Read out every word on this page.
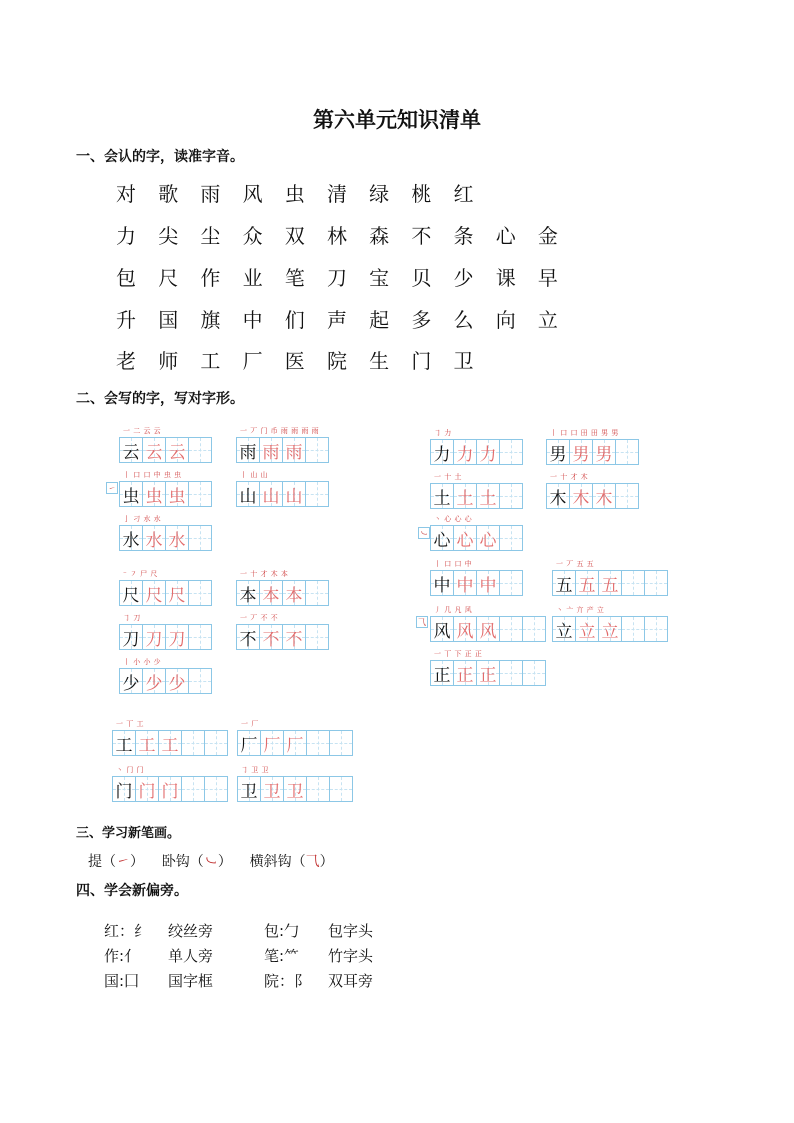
第六单元知识清单
一、会认的字，读准字音。
对 歌 雨 风 虫 清 绿 桃 红
力 尖 尘 众 双 林 森 不 条 心 金
包 尺 作 业 笔 刀 宝 贝 少 课 早
升 国 旗 中 们 声 起 多 么 向 立
老 师 工 厂 医 院 生 门 卫
二、会写的字，写对字形。
一 二 云 云
云 云 云
一 丆 门 币 雨 雨 雨 雨
雨 雨 雨
丨 口 口 中 虫 虫
虫 虫 虫
丨 山 山
山 山 山
亅 刁 水 水
水 水 水
⁻ ㇇ 尸 尺
尺 尺 尺
一 十 才 木 本
本 本 本
㇆ 刀
刀 刀 刀
一 丆 不 不
不 不 不
丨 小 小 少
少 少 少
一 丅 工
工 工 工
一 厂
厂 厂 厂
丶 门 门
门 门 门
㇆ 卫 卫
卫 卫 卫
㇆ 力
力 力 力
丨 口 口 田 田 男 男
男 男 男
一 十 土
土 土 土
一 十 才 木
木 木 木
丶 心 心 心
心 心 心
丨 口 口 中
中 中 中
一 丆 五 五
五 五 五
丿 几 凡 风
风 风 风
丶 亠 亣 产 立
立 立 立
一 丅 下 正 正
正 正 正
㇀
㇃
⺄
三、学习新笔画。
提（㇀） 卧钩（㇃） 横斜钩（⺄）
四、学会新偏旁。
红：纟 绞丝旁	包:勹 包字头
作:亻 单人旁	笔:⺮ 竹字头
国:囗 国字框	院：阝 双耳旁
